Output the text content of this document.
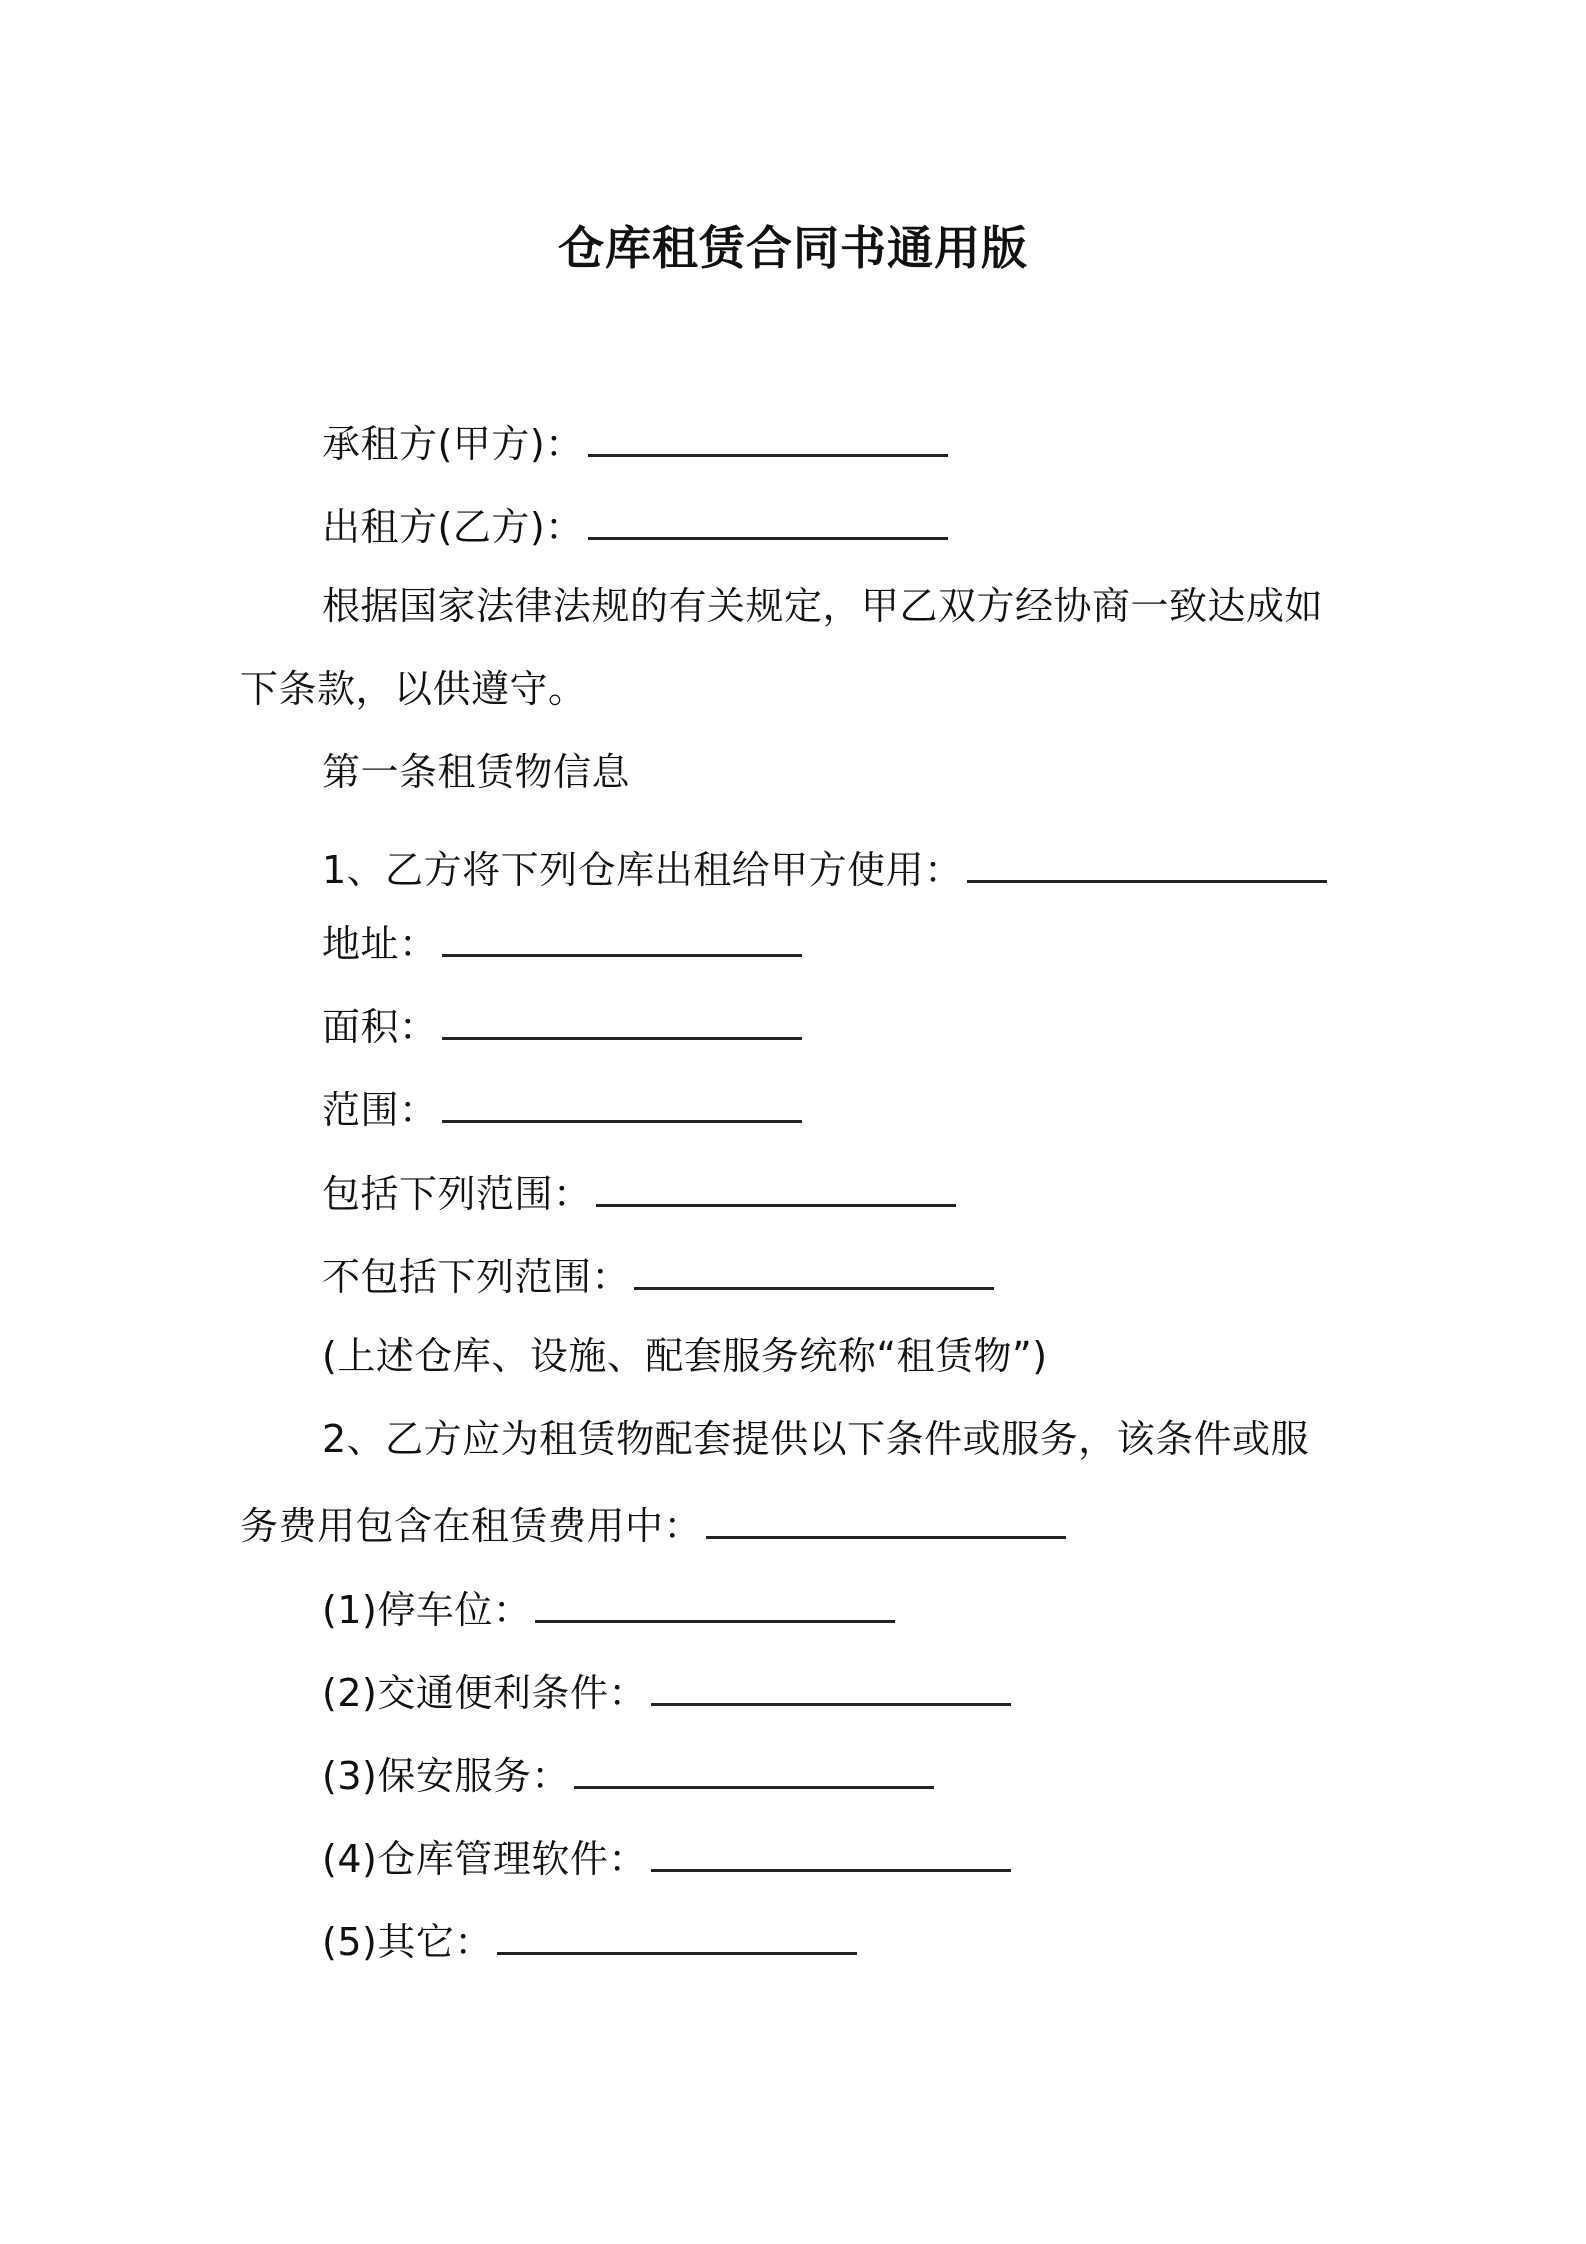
仓库租赁合同书通用版
承租方(甲方)：
出租方(乙方)：
根据国家法律法规的有关规定，甲乙双方经协商一致达成如
下条款，以供遵守。
第一条租赁物信息
1、乙方将下列仓库出租给甲方使用：
地址：
面积：
范围：
包括下列范围：
不包括下列范围：
(上述仓库、设施、配套服务统称“租赁物”)
2、乙方应为租赁物配套提供以下条件或服务，该条件或服
务费用包含在租赁费用中：
(1)停车位：
(2)交通便利条件：
(3)保安服务：
(4)仓库管理软件：
(5)其它：
